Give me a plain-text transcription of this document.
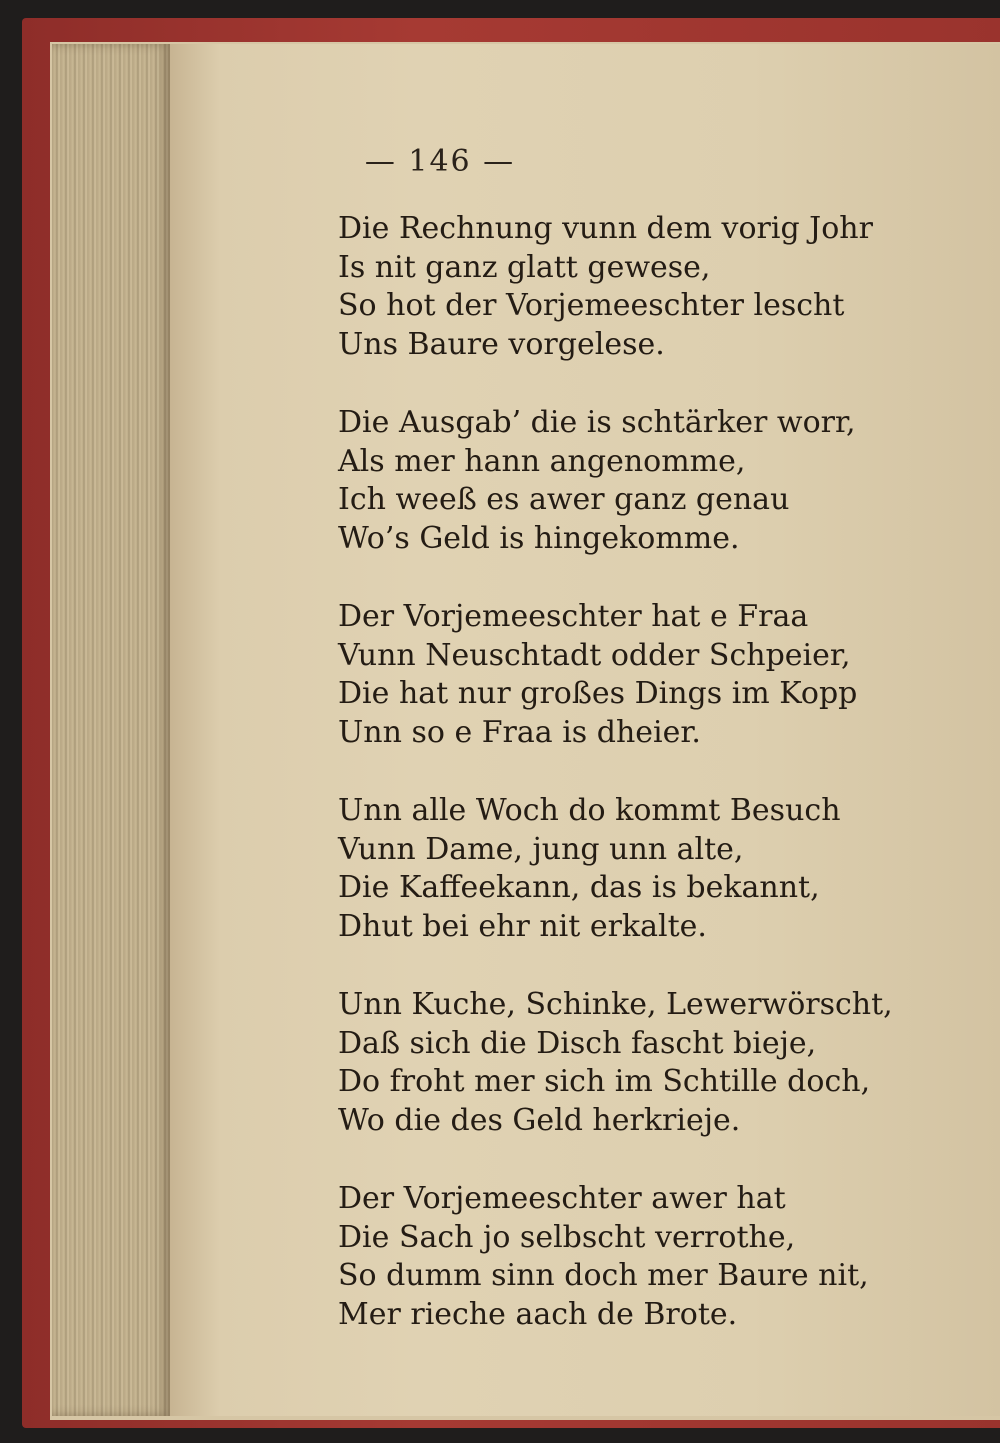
— 146 —
Die Rechnung vunn dem vorig Johr
Is nit ganz glatt gewese,
So hot der Vorjemeeschter lescht
Uns Baure vorgelese.
Die Ausgab’ die is schtärker worr,
Als mer hann angenomme,
Ich weeß es awer ganz genau
Wo’s Geld is hingekomme.
Der Vorjemeeschter hat e Fraa
Vunn Neuschtadt odder Schpeier,
Die hat nur großes Dings im Kopp
Unn so e Fraa is dheier.
Unn alle Woch do kommt Besuch
Vunn Dame, jung unn alte,
Die Kaffeekann, das is bekannt,
Dhut bei ehr nit erkalte.
Unn Kuche, Schinke, Lewerwörscht,
Daß sich die Disch fascht bieje,
Do froht mer sich im Schtille doch,
Wo die des Geld herkrieje.
Der Vorjemeeschter awer hat
Die Sach jo selbscht verrothe,
So dumm sinn doch mer Baure nit,
Mer rieche aach de Brote.
